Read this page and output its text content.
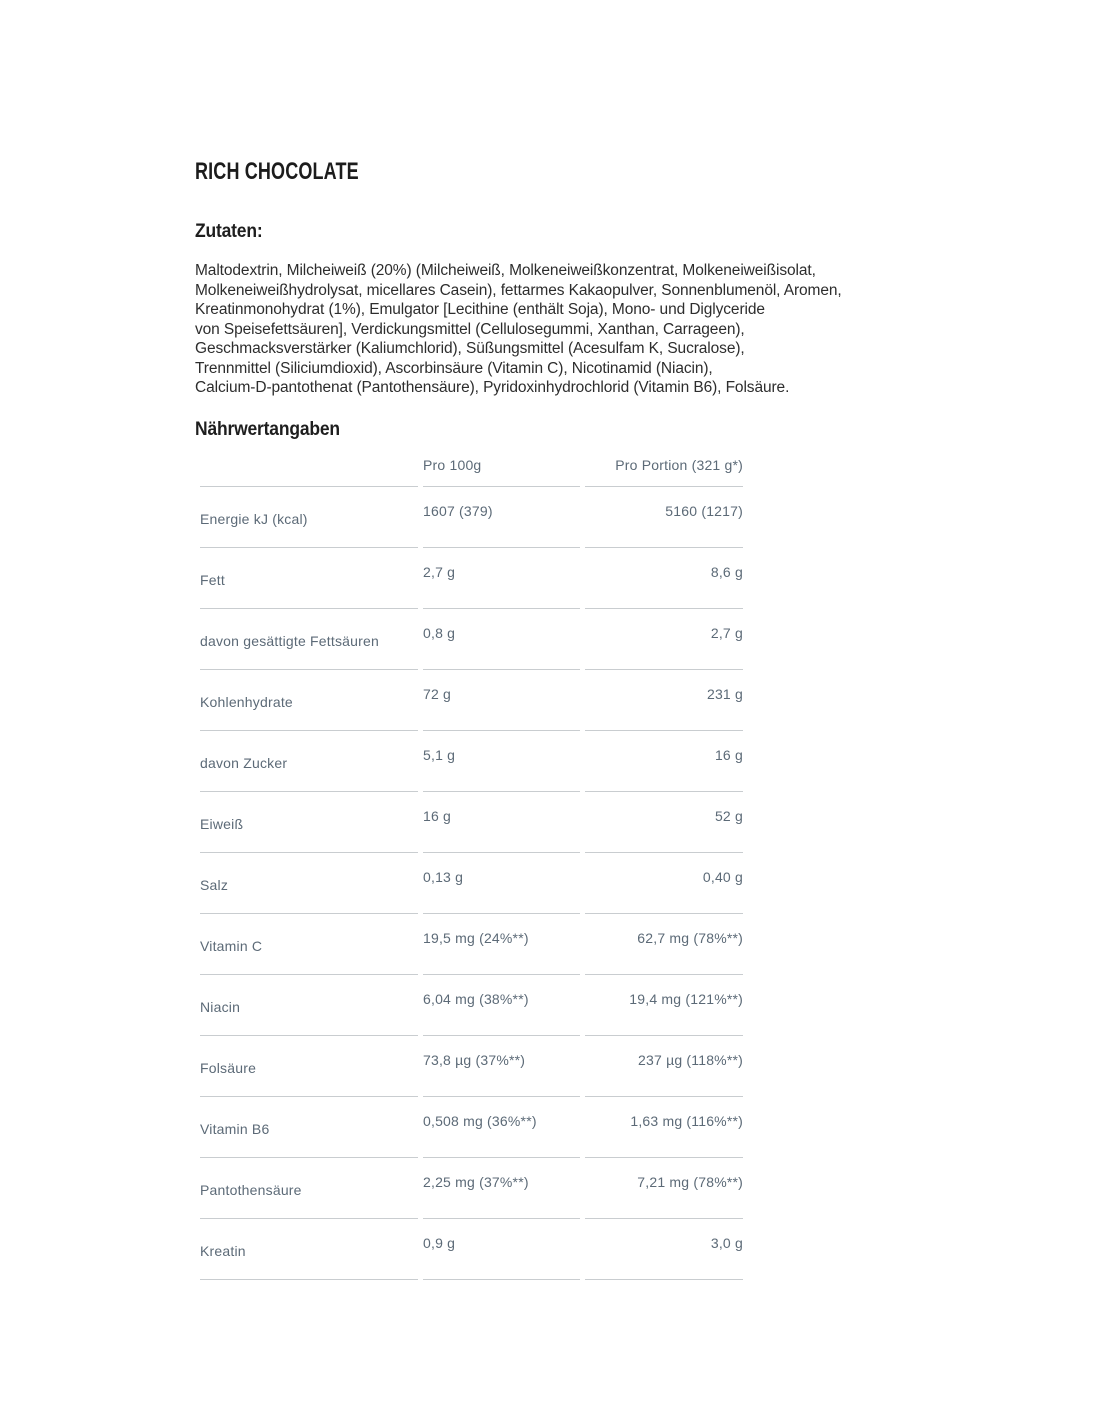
RICH CHOCOLATE
Zutaten:
Maltodextrin, Milcheiweiß (20%) (Milcheiweiß, Molkeneiweißkonzentrat, Molkeneiweißisolat,
Molkeneiweißhydrolysat, micellares Casein), fettarmes Kakaopulver, Sonnenblumenöl, Aromen,
Kreatinmonohydrat (1%), Emulgator [Lecithine (enthält Soja), Mono- und Diglyceride
von Speisefettsäuren], Verdickungsmittel (Cellulosegummi, Xanthan, Carrageen),
Geschmacksverstärker (Kaliumchlorid), Süßungsmittel (Acesulfam K, Sucralose),
Trennmittel (Siliciumdioxid), Ascorbinsäure (Vitamin C), Nicotinamid (Niacin),
Calcium-D-pantothenat (Pantothensäure), Pyridoxinhydrochlorid (Vitamin B6), Folsäure.
Nährwertangaben
	Pro 100g	Pro Portion (321 g*)
Energie kJ (kcal)	1607 (379)	5160 (1217)
Fett	2,7 g	8,6 g
davon gesättigte Fettsäuren	0,8 g	2,7 g
Kohlenhydrate	72 g	231 g
davon Zucker	5,1 g	16 g
Eiweiß	16 g	52 g
Salz	0,13 g	0,40 g
Vitamin C	19,5 mg (24%**)	62,7 mg (78%**)
Niacin	6,04 mg (38%**)	19,4 mg (121%**)
Folsäure	73,8 µg (37%**)	237 µg (118%**)
Vitamin B6	0,508 mg (36%**)	1,63 mg (116%**)
Pantothensäure	2,25 mg (37%**)	7,21 mg (78%**)
Kreatin	0,9 g	3,0 g
